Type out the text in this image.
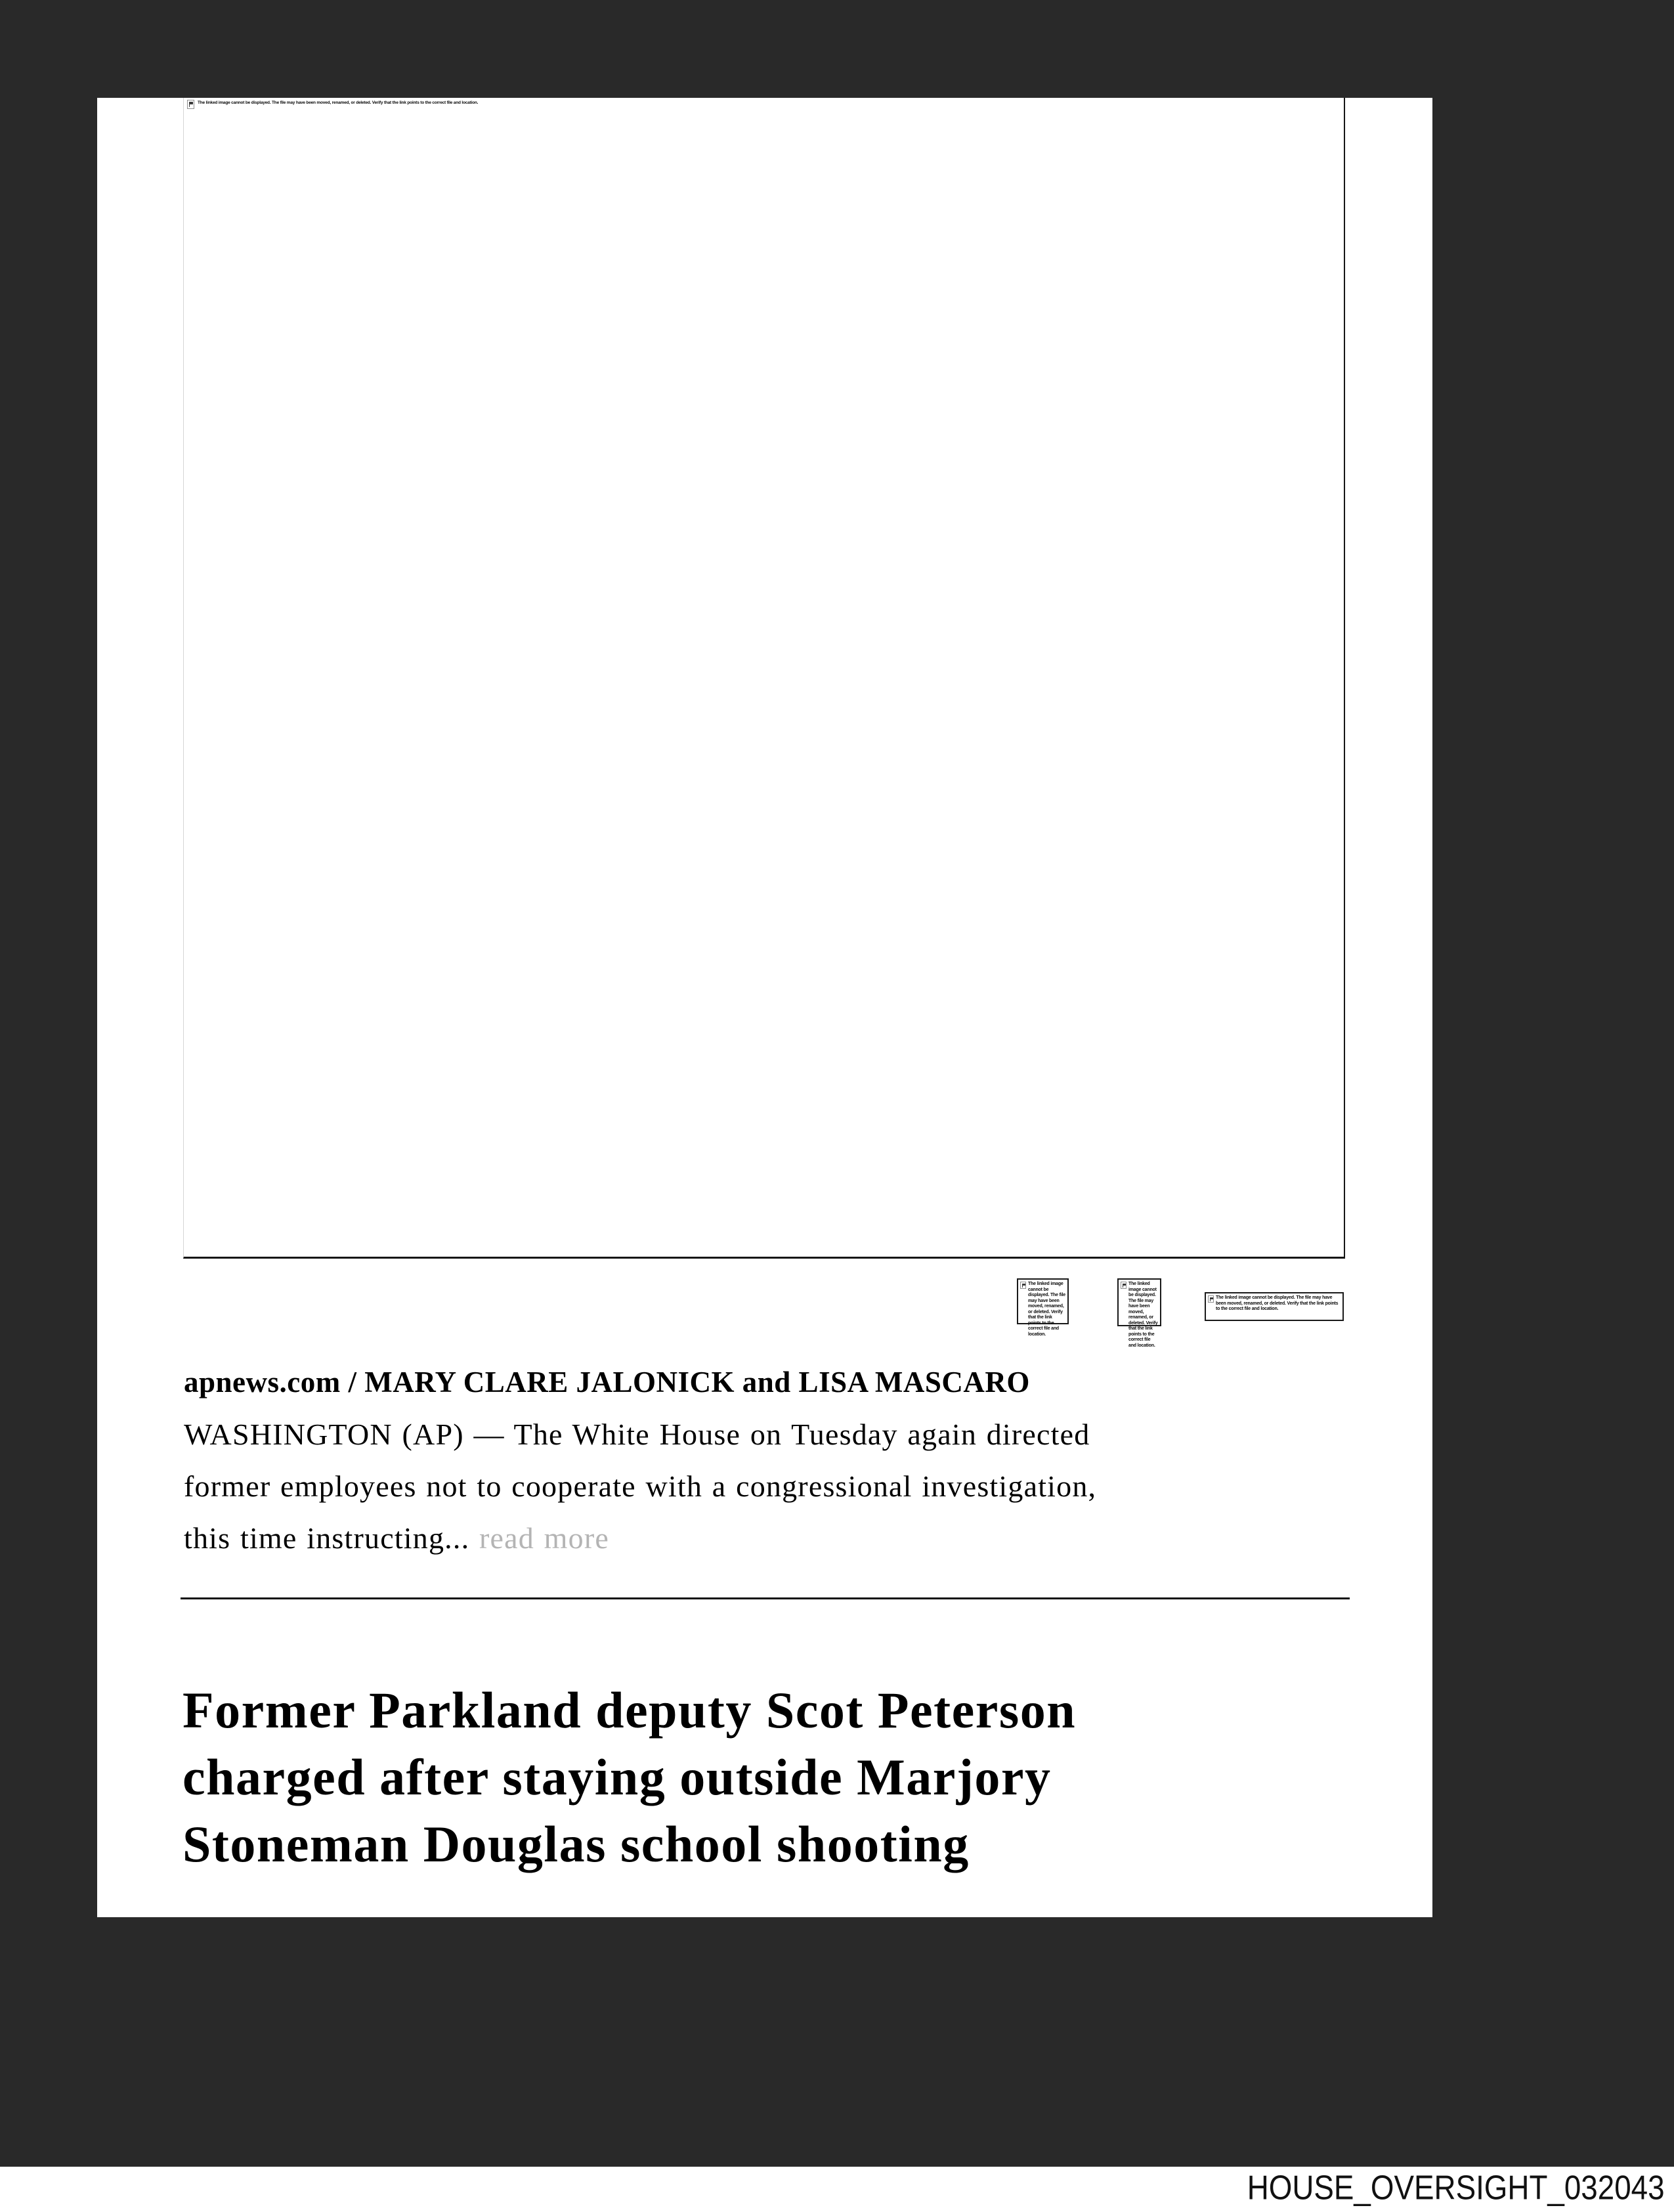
The linked image cannot be displayed. The file may have been moved, renamed, or deleted. Verify that the link points to the correct file and location.
The linked image cannot be displayed. The file may have been moved, renamed, or deleted. Verify that the link points to the correct file and location.
The linked image cannot be displayed. The file may have been moved, renamed, or deleted. Verify that the link points to the correct file and location.
The linked image cannot be displayed. The file may have been moved, renamed, or deleted. Verify that the link points to the correct file and location.
apnews.com / MARY CLARE JALONICK and LISA MASCARO
WASHINGTON (AP) — The White House on Tuesday again directed
former employees not to cooperate with a congressional investigation,
this time instructing... read more
Former Parkland deputy Scot Peterson
charged after staying outside Marjory
Stoneman Douglas school shooting
HOUSE_OVERSIGHT_032043
